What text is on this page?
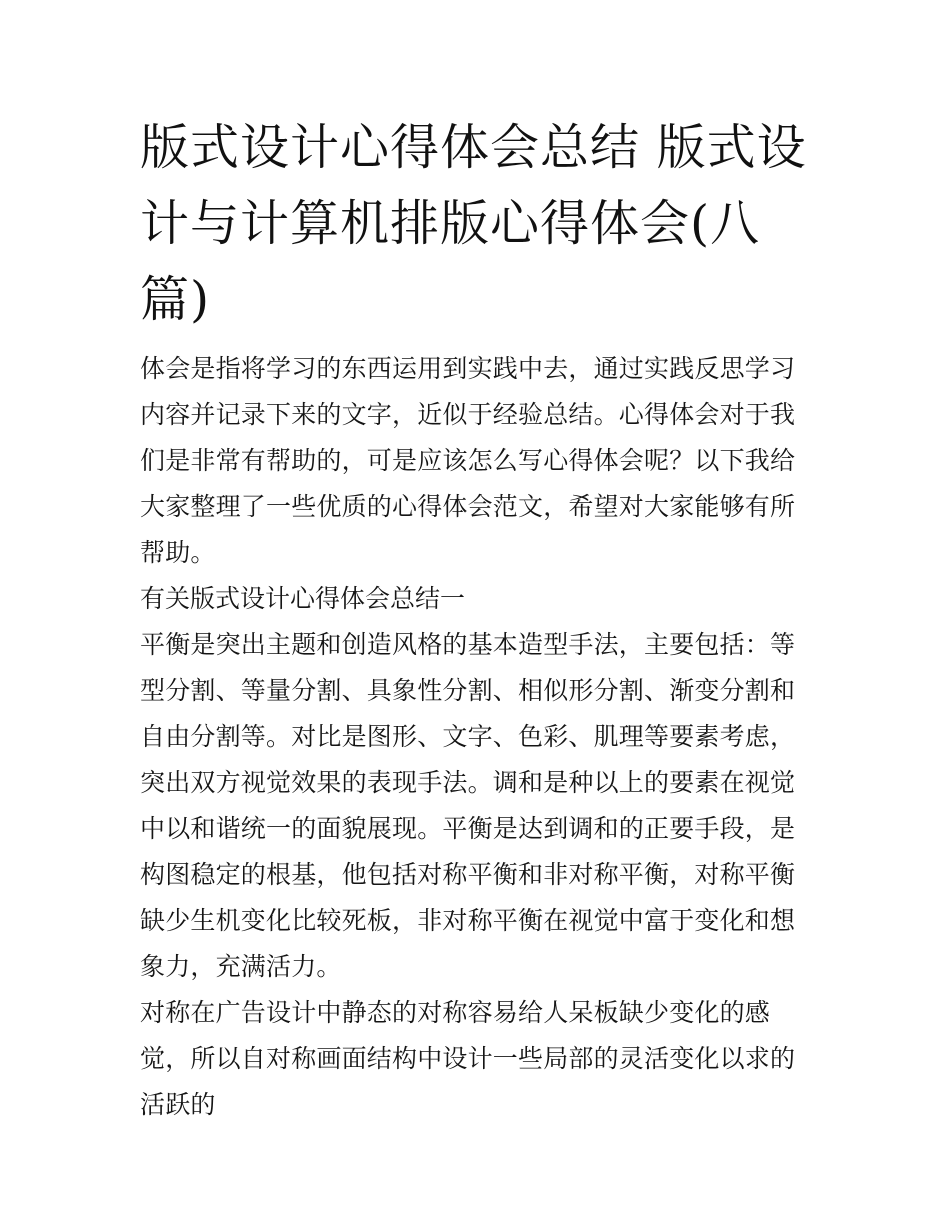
版式设计心得体会总结 版式设计与计算机排版心得体会(八篇)

体会是指将学习的东西运用到实践中去，通过实践反思学习内容并记录下来的文字，近似于经验总结。心得体会对于我们是非常有帮助的，可是应该怎么写心得体会呢？以下我给大家整理了一些优质的心得体会范文，希望对大家能够有所帮助。

有关版式设计心得体会总结一

平衡是突出主题和创造风格的基本造型手法，主要包括：等型分割、等量分割、具象性分割、相似形分割、渐变分割和自由分割等。对比是图形、文字、色彩、肌理等要素考虑，突出双方视觉效果的表现手法。调和是种以上的要素在视觉中以和谐统一的面貌展现。平衡是达到调和的正要手段，是构图稳定的根基，他包括对称平衡和非对称平衡，对称平衡缺少生机变化比较死板，非对称平衡在视觉中富于变化和想象力，充满活力。

对称在广告设计中静态的对称容易给人呆板缺少变化的感觉，所以自对称画面结构中设计一些局部的灵活变化以求的活跃的
